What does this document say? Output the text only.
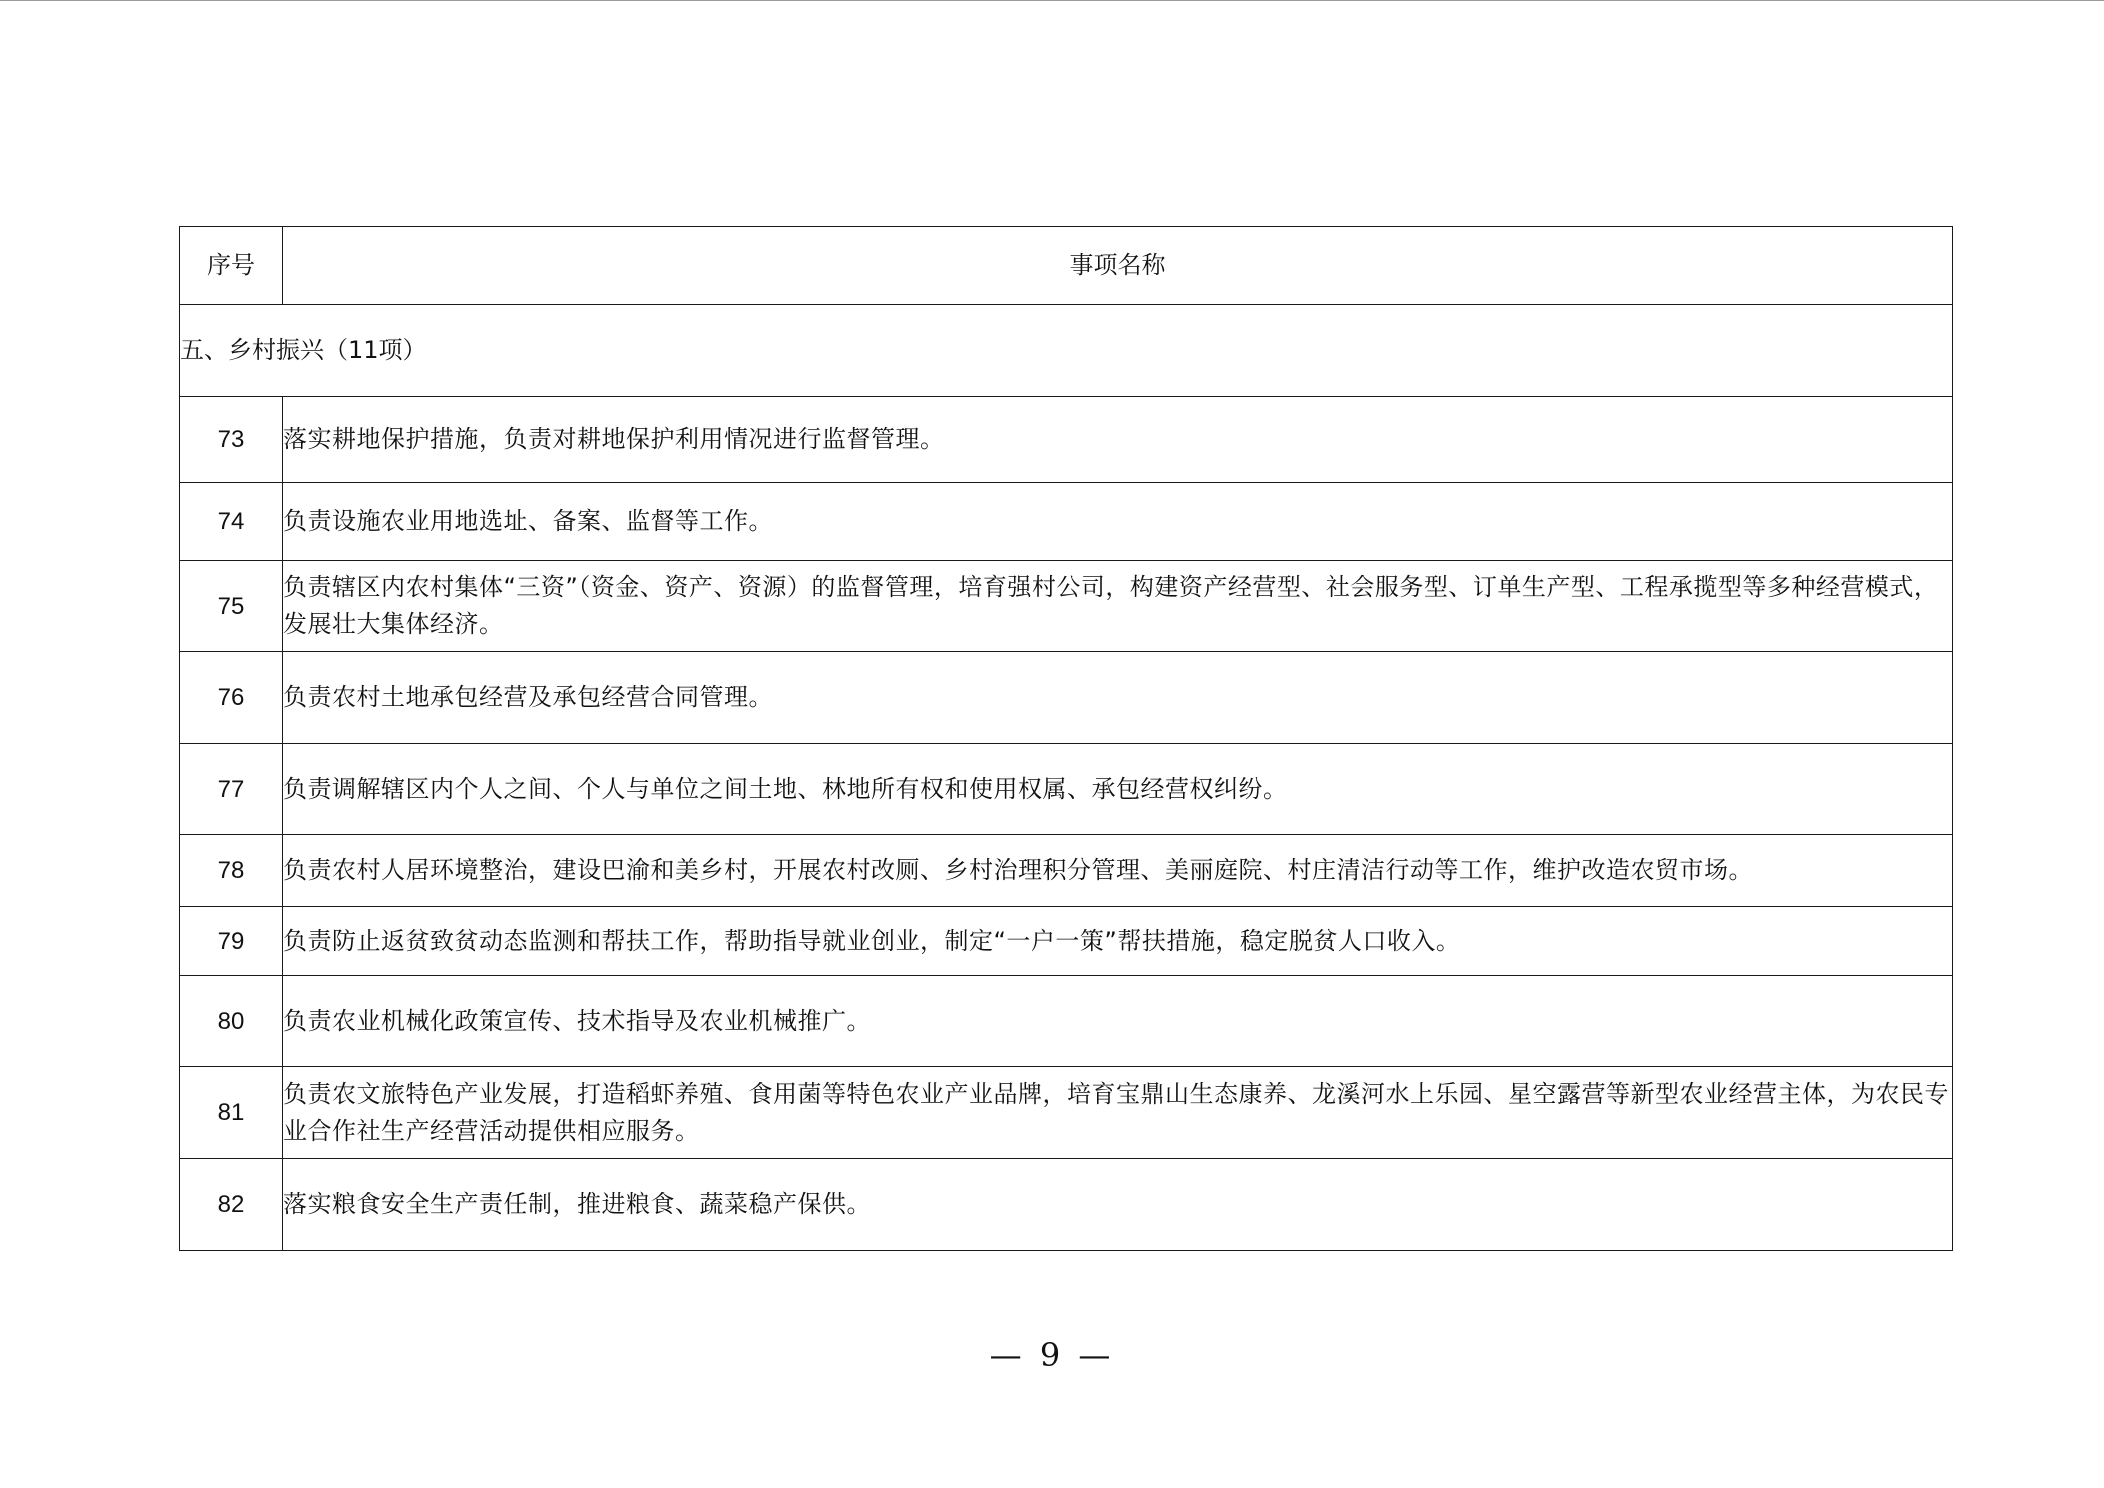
序号	事项名称
五、乡村振兴（11项）	
73	落实耕地保护措施，负责对耕地保护利用情况进行监督管理。
74	负责设施农业用地选址、备案、监督等工作。
75	负责辖区内农村集体“三资”（资金、资产、资源）的监督管理，培育强村公司，构建资产经营型、社会服务型、订单生产型、工程承揽型等多种经营模式，发展壮大集体经济。
76	负责农村土地承包经营及承包经营合同管理。
77	负责调解辖区内个人之间、个人与单位之间土地、林地所有权和使用权属、承包经营权纠纷。
78	负责农村人居环境整治，建设巴渝和美乡村，开展农村改厕、乡村治理积分管理、美丽庭院、村庄清洁行动等工作，维护改造农贸市场。
79	负责防止返贫致贫动态监测和帮扶工作，帮助指导就业创业，制定“一户一策”帮扶措施，稳定脱贫人口收入。
80	负责农业机械化政策宣传、技术指导及农业机械推广。
81	负责农文旅特色产业发展，打造稻虾养殖、食用菌等特色农业产业品牌，培育宝鼎山生态康养、龙溪河水上乐园、星空露营等新型农业经营主体，为农民专业合作社生产经营活动提供相应服务。
82	落实粮食安全生产责任制，推进粮食、蔬菜稳产保供。
— 9 —
